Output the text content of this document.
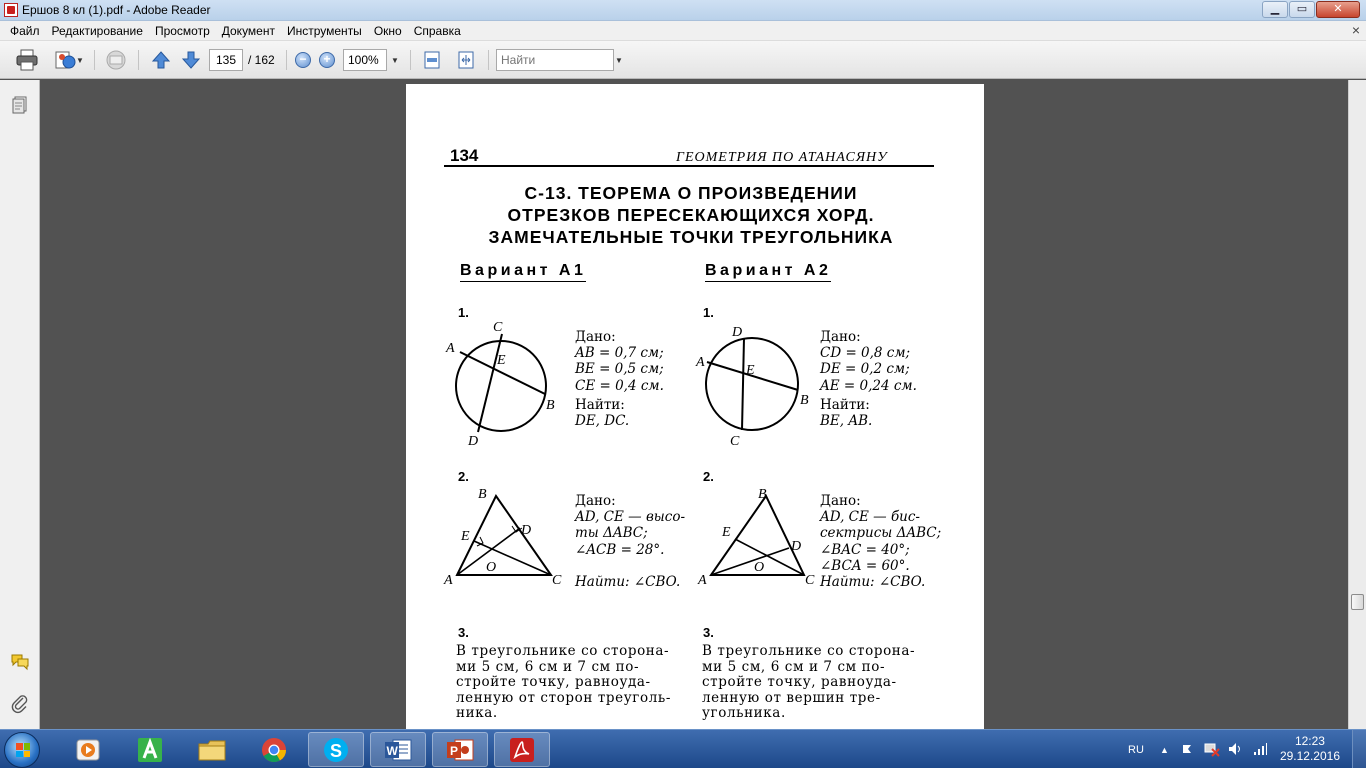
Ершов 8 кл (1).pdf - Adobe Reader	▁	▭	✕
Файл	Редактирование	Просмотр	Документ	Инструменты	Окно	Справка	×
▼	135 / 162	−	+	100%	▼
Найти	▼
134	ГЕОМЕТРИЯ ПО АТАНАСЯНУ
С-13. ТЕОРЕМА О ПРОИЗВЕДЕНИИ
ОТРЕЗКОВ ПЕРЕСЕКАЮЩИХСЯ ХОРД.
ЗАМЕЧАТЕЛЬНЫЕ ТОЧКИ ТРЕУГОЛЬНИКА
Вариант А1	Вариант А2
1.
C
A
E
B
D
Дано:
AB = 0,7 см;
BE = 0,5 см;
CE = 0,4 см.
Найти:
DE, DC.
1.
D
A
E
B
C
Дано:
CD = 0,8 см;
DE = 0,2 см;
AE = 0,24 см.
Найти:
BE, AB.
2.
B
E	D
O
A	C
Дано:
AD, CE — высо-
ты ΔABC;
∠ACB = 28°.
Найти: ∠CBO.
2.
B
E
D
O
A	C
Дано:
AD, CE — бис-
сектрисы ΔABC;
∠BAC = 40°;
∠BCA = 60°.
Найти: ∠CBO.
3.
В треугольнике со сторона-
ми 5 см, 6 см и 7 см по-
стройте точку, равноуда-
ленную от сторон треуголь-
ника.
3.
В треугольнике со сторона-
ми 5 см, 6 см и 7 см по-
стройте точку, равноуда-
ленную от вершин тре-
угольника.
S	W	P	RU ▲
12:23
29.12.2016
